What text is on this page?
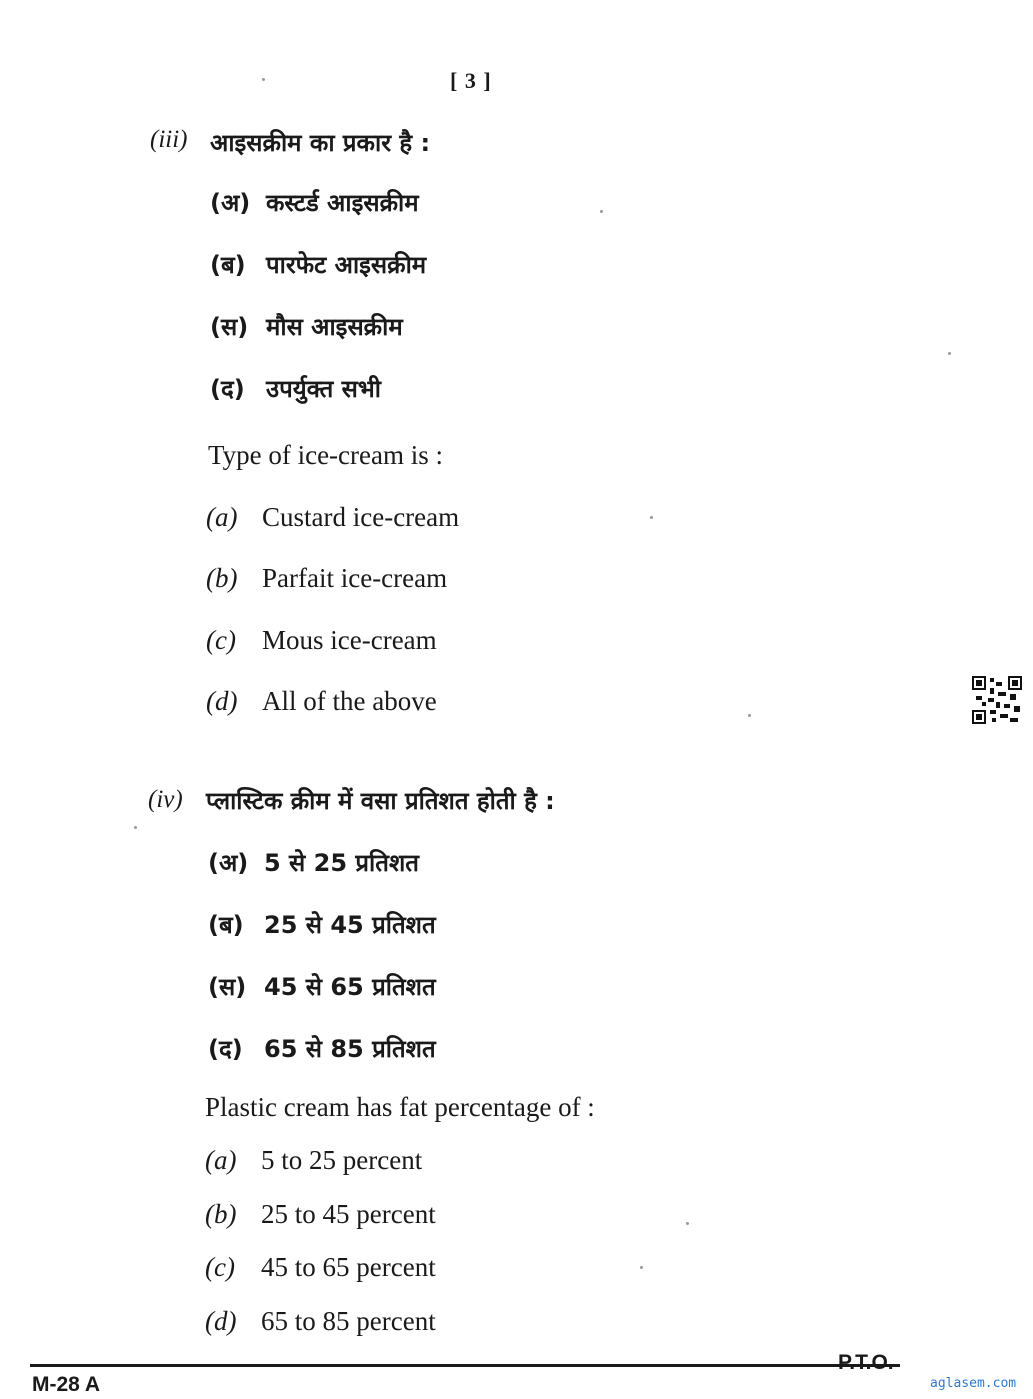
[ 3 ]
(iii) आइसक्रीम का प्रकार है :
(अ) कस्टर्ड आइसक्रीम
(ब) पारफेट आइसक्रीम
(स) मौस आइसक्रीम
(द) उपर्युक्त सभी
Type of ice-cream is :
(a) Custard ice-cream
(b) Parfait ice-cream
(c) Mous ice-cream
(d) All of the above
(iv) प्लास्टिक क्रीम में वसा प्रतिशत होती है :
(अ) 5 से 25 प्रतिशत
(ब) 25 से 45 प्रतिशत
(स) 45 से 65 प्रतिशत
(द) 65 से 85 प्रतिशत
Plastic cream has fat percentage of :
(a) 5 to 25 percent
(b) 25 to 45 percent
(c) 45 to 65 percent
(d) 65 to 85 percent
P.T.O.
M-28 A	aglasem.com
